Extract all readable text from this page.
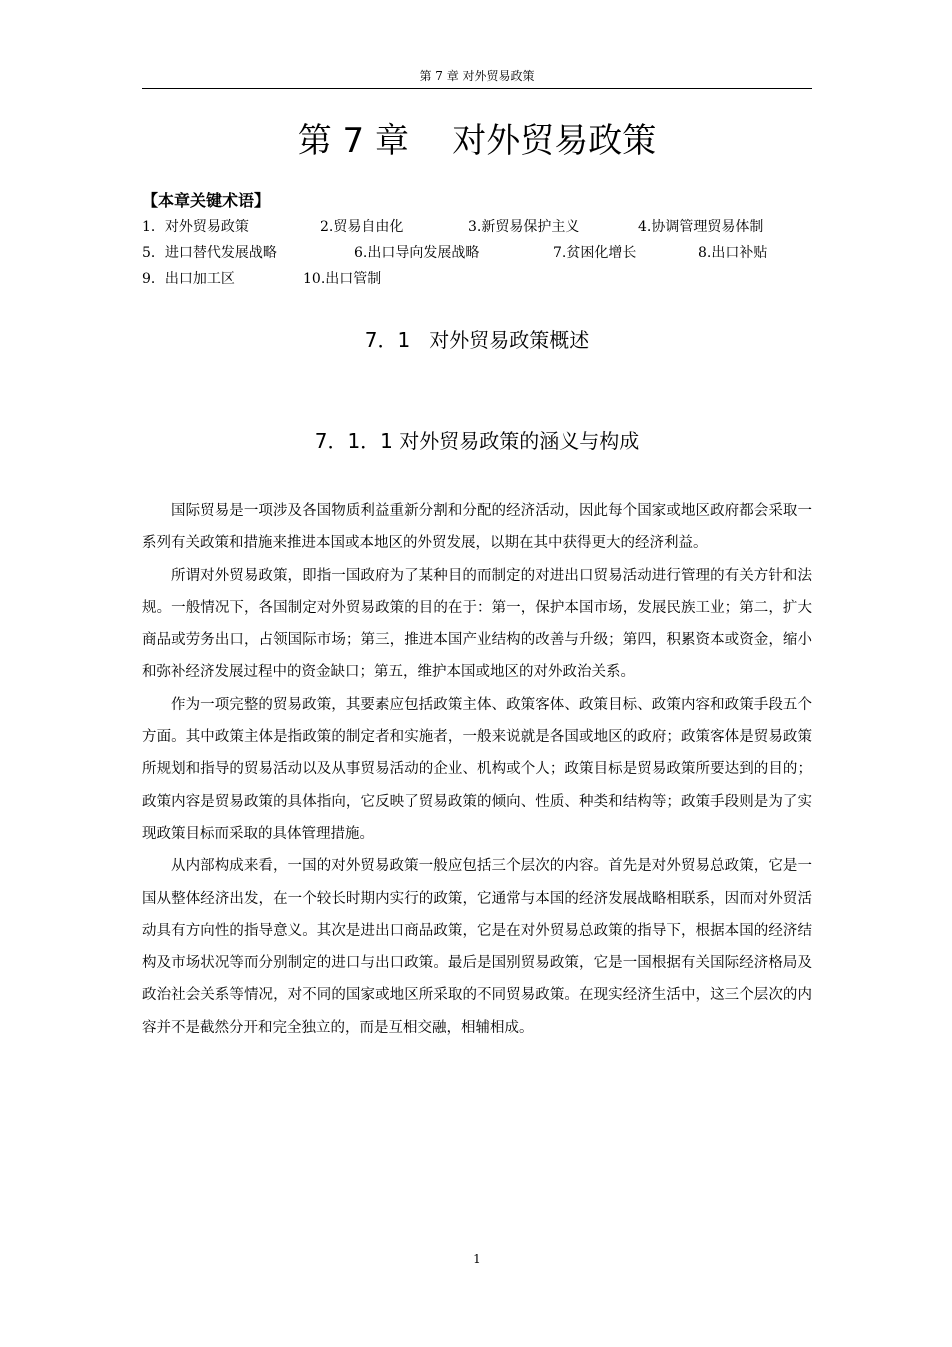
第 7 章 对外贸易政策
第 7 章    对外贸易政策
【本章关键术语】
1．对外贸易政策	2.贸易自由化	3.新贸易保护主义	4.协调管理贸易体制
5．进口替代发展战略	6.出口导向发展战略	7.贫困化增长	8.出口补贴
9．出口加工区	10.出口管制
7．1   对外贸易政策概述
7．1．1 对外贸易政策的涵义与构成

国际贸易是一项涉及各国物质利益重新分割和分配的经济活动，因此每个国家或地区政府都会采取一系列有关政策和措施来推进本国或本地区的外贸发展，以期在其中获得更大的经济利益。

所谓对外贸易政策，即指一国政府为了某种目的而制定的对进出口贸易活动进行管理的有关方针和法规。一般情况下，各国制定对外贸易政策的目的在于：第一，保护本国市场，发展民族工业；第二，扩大商品或劳务出口，占领国际市场；第三，推进本国产业结构的改善与升级；第四，积累资本或资金，缩小和弥补经济发展过程中的资金缺口；第五，维护本国或地区的对外政治关系。

作为一项完整的贸易政策，其要素应包括政策主体、政策客体、政策目标、政策内容和政策手段五个方面。其中政策主体是指政策的制定者和实施者，一般来说就是各国或地区的政府；政策客体是贸易政策所规划和指导的贸易活动以及从事贸易活动的企业、机构或个人；政策目标是贸易政策所要达到的目的；政策内容是贸易政策的具体指向，它反映了贸易政策的倾向、性质、种类和结构等；政策手段则是为了实现政策目标而采取的具体管理措施。

从内部构成来看，一国的对外贸易政策一般应包括三个层次的内容。首先是对外贸易总政策，它是一国从整体经济出发，在一个较长时期内实行的政策，它通常与本国的经济发展战略相联系，因而对外贸活动具有方向性的指导意义。其次是进出口商品政策，它是在对外贸易总政策的指导下，根据本国的经济结构及市场状况等而分别制定的进口与出口政策。最后是国别贸易政策，它是一国根据有关国际经济格局及政治社会关系等情况，对不同的国家或地区所采取的不同贸易政策。在现实经济生活中，这三个层次的内容并不是截然分开和完全独立的，而是互相交融，相辅相成。

1
